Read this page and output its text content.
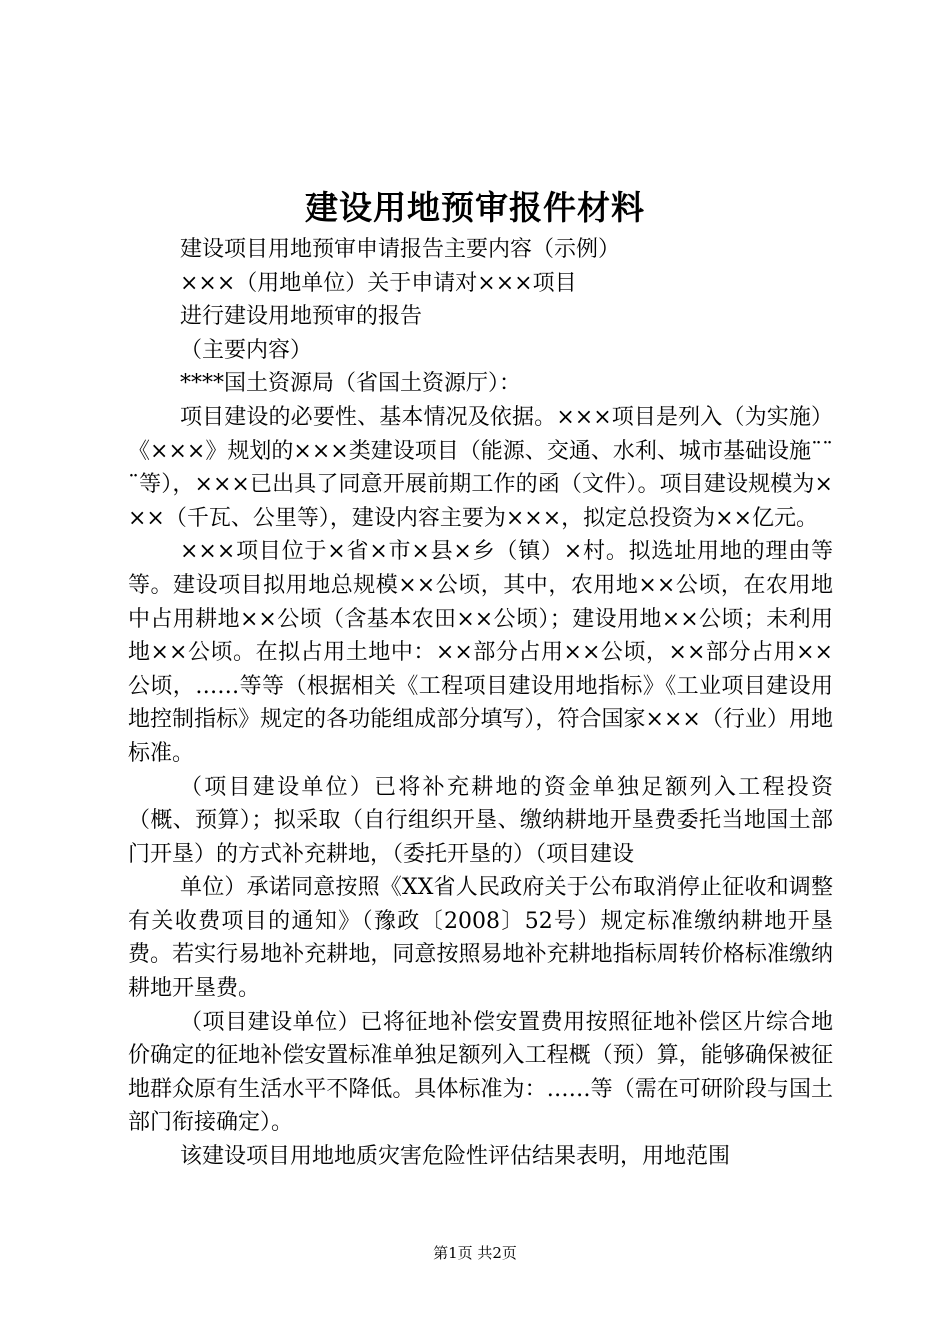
建设用地预审报件材料

建设项目用地预审申请报告主要内容（示例）

×××（用地单位）关于申请对×××项目

进行建设用地预审的报告

（主要内容）

****国土资源局（省国土资源厅）：

项目建设的必要性、基本情况及依据。×××项目是列入（为实施）《×××》规划的×××类建设项目（能源、交通、水利、城市基础设施¨¨¨等），×××已出具了同意开展前期工作的函（文件）。项目建设规模为×××（千瓦、公里等），建设内容主要为×××，拟定总投资为××亿元。

×××项目位于×省×市×县×乡（镇）×村。拟选址用地的理由等等。建设项目拟用地总规模××公顷，其中，农用地××公顷，在农用地中占用耕地××公顷（含基本农田××公顷）；建设用地××公顷；未利用地××公顷。在拟占用土地中：××部分占用××公顷，××部分占用××公顷，……等等（根据相关《工程项目建设用地指标》《工业项目建设用地控制指标》规定的各功能组成部分填写），符合国家×××（行业）用地标准。

（项目建设单位）已将补充耕地的资金单独足额列入工程投资（概、预算）；拟采取（自行组织开垦、缴纳耕地开垦费委托当地国土部门开垦）的方式补充耕地，（委托开垦的）（项目建设

单位）承诺同意按照《XX省人民政府关于公布取消停止征收和调整有关收费项目的通知》（豫政〔2008〕52号）规定标准缴纳耕地开垦费。若实行易地补充耕地，同意按照易地补充耕地指标周转价格标准缴纳耕地开垦费。

（项目建设单位）已将征地补偿安置费用按照征地补偿区片综合地价确定的征地补偿安置标准单独足额列入工程概（预）算，能够确保被征地群众原有生活水平不降低。具体标准为：……等（需在可研阶段与国土部门衔接确定）。

该建设项目用地地质灾害危险性评估结果表明，用地范围

第1页 共2页
